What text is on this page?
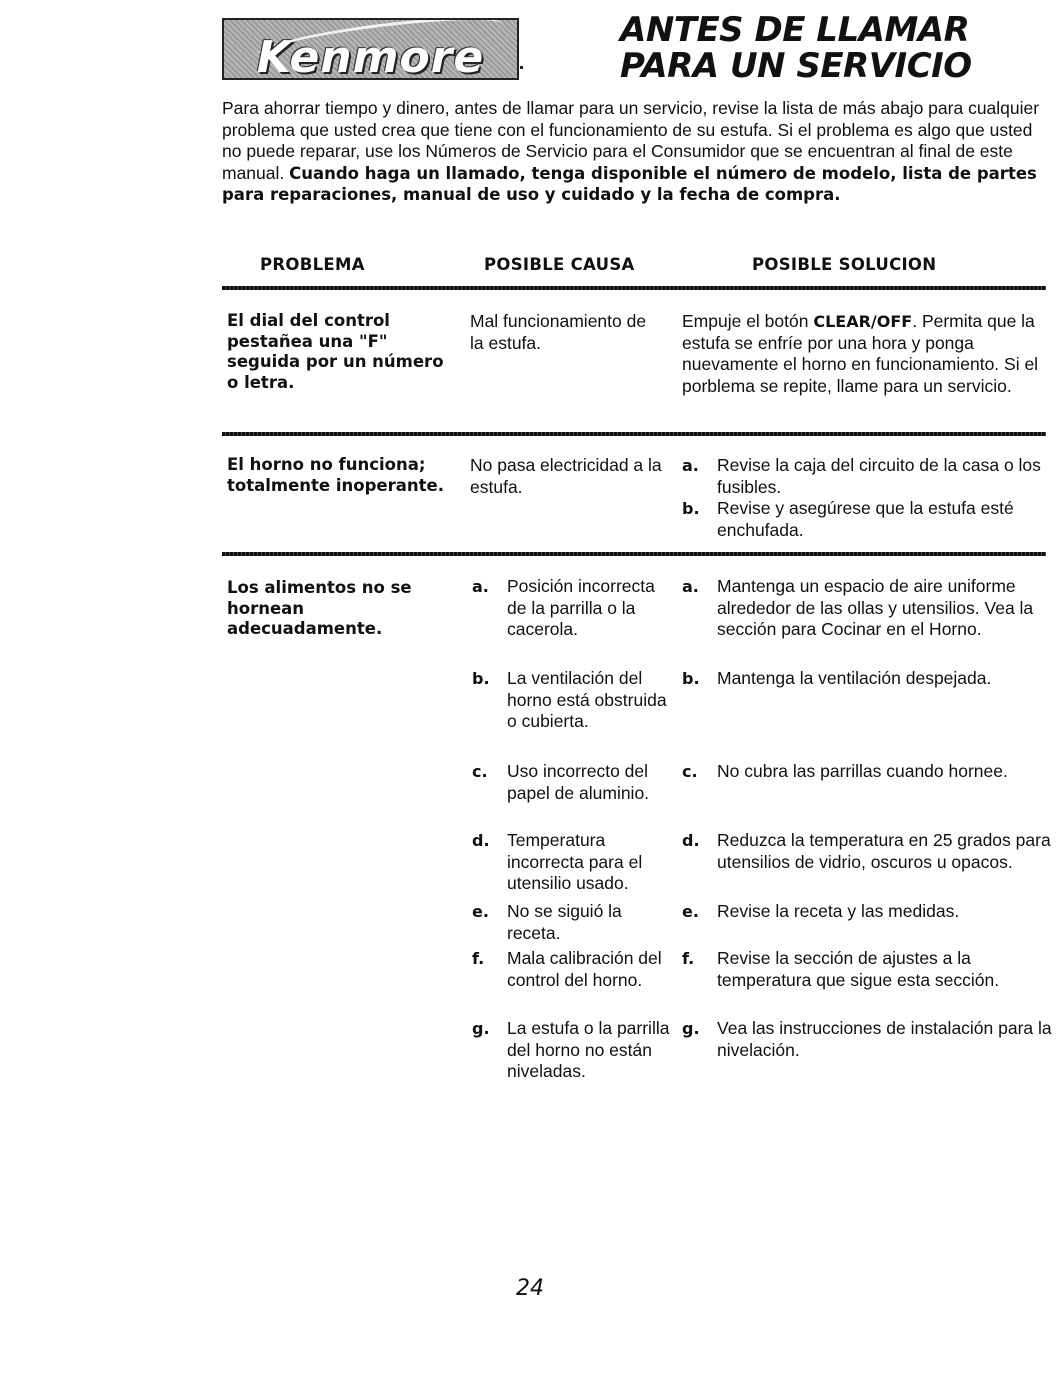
Kenmore
ANTES DE LLAMAR PARA UN SERVICIO

Para ahorrar tiempo y dinero, antes de llamar para un servicio, revise la lista de más abajo para cualquier problema que usted crea que tiene con el funcionamiento de su estufa. Si el problema es algo que usted no puede reparar, use los Números de Servicio para el Consumidor que se encuentran al final de este manual. Cuando haga un llamado, tenga disponible el número de modelo, lista de partes para reparaciones, manual de uso y cuidado y la fecha de compra.

PROBLEMA	POSIBLE CAUSA	POSIBLE SOLUCION

El dial del control pestañea una "F" seguida por un número o letra.

Mal funcionamiento de la estufa.

Empuje el botón CLEAR/OFF. Permita que la estufa se enfríe por una hora y ponga nuevamente el horno en funcionamiento. Si el porblema se repite, llame para un servicio.

El horno no funciona; totalmente inoperante.

No pasa electricidad a la estufa.

a. Revise la caja del circuito de la casa o los fusibles.
b. Revise y asegúrese que la estufa esté enchufada.

Los alimentos no se hornean adecuadamente.

a. Posición incorrecta de la parrilla o la cacerola.
b. La ventilación del horno está obstruida o cubierta.
c. Uso incorrecto del papel de aluminio.
d. Temperatura incorrecta para el utensilio usado.
e. No se siguió la receta.
f. Mala calibración del control del horno.
g. La estufa o la parrilla del horno no están niveladas.
a. Mantenga un espacio de aire uniforme alrededor de las ollas y utensilios. Vea la sección para Cocinar en el Horno.
b. Mantenga la ventilación despejada.
c. No cubra las parrillas cuando hornee.
d. Reduzca la temperatura en 25 grados para utensilios de vidrio, oscuros u opacos.
e. Revise la receta y las medidas.
f. Revise la sección de ajustes a la temperatura que sigue esta sección.
g. Vea las instrucciones de instalación para la nivelación.
24
